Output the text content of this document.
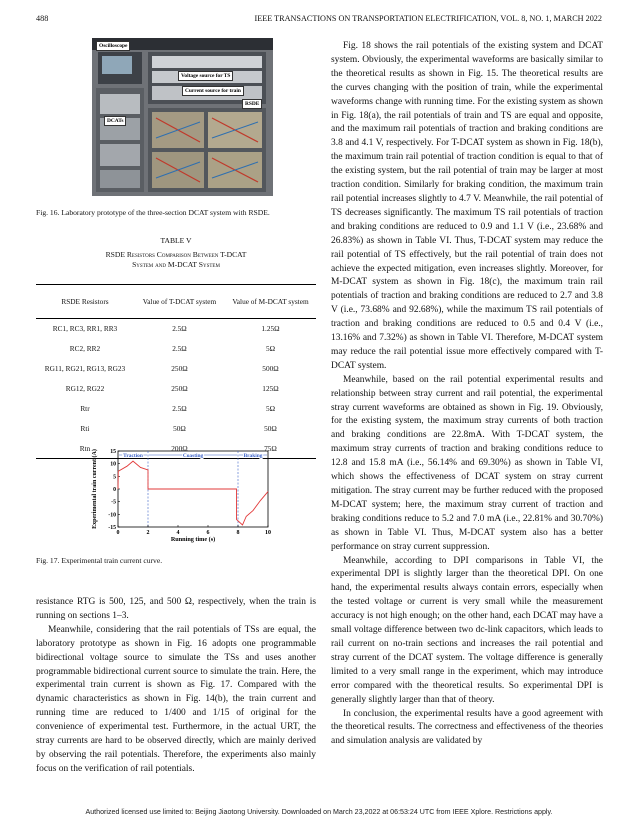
488	IEEE TRANSACTIONS ON TRANSPORTATION ELECTRIFICATION, VOL. 8, NO. 1, MARCH 2022
Oscilloscope
Voltage source for TS
Current source for train
RSDE
DCATs
Fig. 16. Laboratory prototype of the three-section DCAT system with RSDE.
TABLE V
RSDE Resistors Comparison Between T-DCAT
System and M-DCAT System
RSDE Resistors	Value of T-DCAT system	Value of M-DCAT system
RC1, RC3, RR1, RR3	2.5Ω	1.25Ω
RC2, RR2	2.5Ω	5Ω
RG11, RG21, RG13, RG23	250Ω	500Ω
RG12, RG22	250Ω	125Ω
Rtr	2.5Ω	5Ω
Rti	50Ω	50Ω
Rtn	200Ω	75Ω
Traction	Coasting	Braking
0	2	4	6	8	10
15
10
5
0
-5
-10
-15
Running time (s)
Experimental train current (A)
Fig. 17. Experimental train current curve.

resistance RTG is 500, 125, and 500 Ω, respectively, when the train is running on sections 1–3.

Meanwhile, considering that the rail potentials of TSs are equal, the laboratory prototype as shown in Fig. 16 adopts one programmable bidirectional voltage source to simulate the TSs and uses another programmable bidirectional current source to simulate the train. Here, the experimental train current is shown as Fig. 17. Compared with the dynamic characteristics as shown in Fig. 14(b), the train current and running time are reduced to 1/400 and 1/15 of original for the convenience of experimental test. Furthermore, in the actual URT, the stray currents are hard to be observed directly, which are mainly derived by observing the rail potentials. Therefore, the experiments also mainly focus on the verification of rail potentials.

Fig. 18 shows the rail potentials of the existing system and DCAT system. Obviously, the experimental waveforms are basically similar to the theoretical results as shown in Fig. 15. The theoretical results are the curves changing with the position of train, while the experimental waveforms change with running time. For the existing system as shown in Fig. 18(a), the rail potentials of train and TS are equal and opposite, and the maximum rail potentials of traction and braking conditions are 3.8 and 4.1 V, respectively. For T-DCAT system as shown in Fig. 18(b), the maximum train rail potential of traction condition is equal to that of the existing system, but the rail potential of train may be larger at most traction condition. Similarly for braking condition, the maximum train rail potential increases slightly to 4.7 V. Meanwhile, the rail potential of TS decreases significantly. The maximum TS rail potentials of traction and braking conditions are reduced to 0.9 and 1.1 V (i.e., 23.68% and 26.83%) as shown in Table VI. Thus, T-DCAT system may reduce the rail potential of TS effectively, but the rail potential of train does not achieve the expected mitigation, even increases slightly. Moreover, for M-DCAT system as shown in Fig. 18(c), the maximum train rail potentials of traction and braking conditions are reduced to 2.7 and 3.8 V (i.e., 73.68% and 92.68%), while the maximum TS rail potentials of traction and braking conditions are reduced to 0.5 and 0.4 V (i.e., 13.16% and 7.32%) as shown in Table VI. Therefore, M-DCAT system may reduce the rail potential issue more effectively compared with T-DCAT system.

Meanwhile, based on the rail potential experimental results and relationship between stray current and rail potential, the experimental stray current waveforms are obtained as shown in Fig. 19. Obviously, for the existing system, the maximum stray currents of both traction and braking conditions are 22.8mA. With T-DCAT system, the maximum stray currents of traction and braking conditions reduce to 12.8 and 15.8 mA (i.e., 56.14% and 69.30%) as shown in Table VI, which shows the effectiveness of DCAT system on stray current mitigation. The stray current may be further reduced with the proposed M-DCAT system; here, the maximum stray current of traction and braking conditions reduce to 5.2 and 7.0 mA (i.e., 22.81% and 30.70%) as shown in Table VI. Thus, M-DCAT system also has a better performance on stray current suppression.

Meanwhile, according to DPI comparisons in Table VI, the experimental DPI is slightly larger than the theoretical DPI. On one hand, the experimental results always contain errors, especially when the tested voltage or current is very small while the measurement accuracy is not high enough; on the other hand, each DCAT may have a small voltage difference between two dc-link capacitors, which leads to rail current on no-train sections and increases the rail potential and stray current of the DCAT system. The voltage difference is generally limited to a very small range in the experiment, which may introduce error compared with the theoretical results. So experimental DPI is generally slightly larger than that of theory.

In conclusion, the experimental results have a good agreement with the theoretical results. The correctness and effectiveness of the theories and simulation analysis are validated by

Authorized licensed use limited to: Beijing Jiaotong University. Downloaded on March 23,2022 at 06:53:24 UTC from IEEE Xplore. Restrictions apply.
